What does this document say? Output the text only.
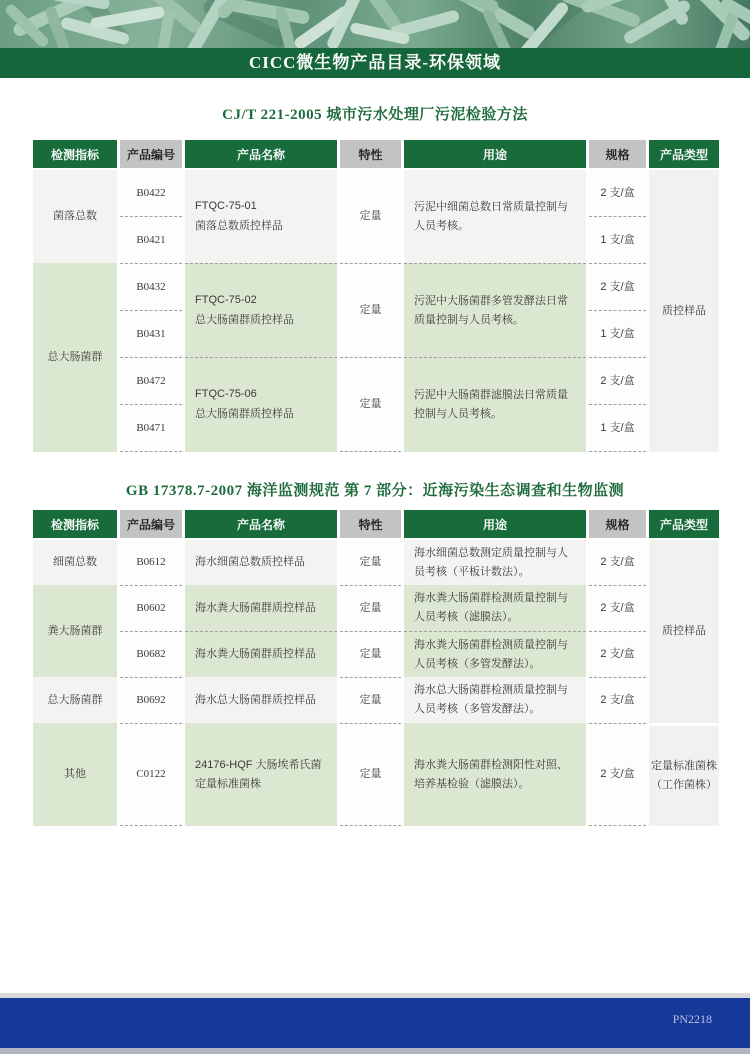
CICC微生物产品目录-环保领域
CJ/T 221-2005 城市污水处理厂污泥检验方法
检测指标	产品编号	产品名称	特性	用途	规格	产品类型
菌落总数	B0422	FTQC-75-01
菌落总数质控样品	定量	污泥中细菌总数日常质量控制与人员考核。	2 支/盒	质控样品
	B0421				1 支/盒	
总大肠菌群	B0432	FTQC-75-02
总大肠菌群质控样品	定量	污泥中大肠菌群多管发酵法日常质量控制与人员考核。	2 支/盒	
	B0431				1 支/盒	
	B0472	FTQC-75-06
总大肠菌群质控样品	定量	污泥中大肠菌群滤膜法日常质量控制与人员考核。	2 支/盒	
	B0471				1 支/盒	
GB 17378.7-2007 海洋监测规范 第 7 部分：近海污染生态调查和生物监测
检测指标	产品编号	产品名称	特性	用途	规格	产品类型
细菌总数	B0612	海水细菌总数质控样品	定量	海水细菌总数测定质量控制与人员考核（平板计数法）。	2 支/盒	质控样品
粪大肠菌群	B0602	海水粪大肠菌群质控样品	定量	海水粪大肠菌群检测质量控制与人员考核（滤膜法）。	2 支/盒	
	B0682	海水粪大肠菌群质控样品	定量	海水粪大肠菌群检测质量控制与人员考核（多管发酵法）。	2 支/盒	
总大肠菌群	B0692	海水总大肠菌群质控样品	定量	海水总大肠菌群检测质量控制与人员考核（多管发酵法）。	2 支/盒	
其他	C0122	24176-HQF 大肠埃希氏菌定量标准菌株	定量	海水粪大肠菌群检测阳性对照、培养基检验（滤膜法）。	2 支/盒	定量标准菌株（工作菌株）
PN2218
